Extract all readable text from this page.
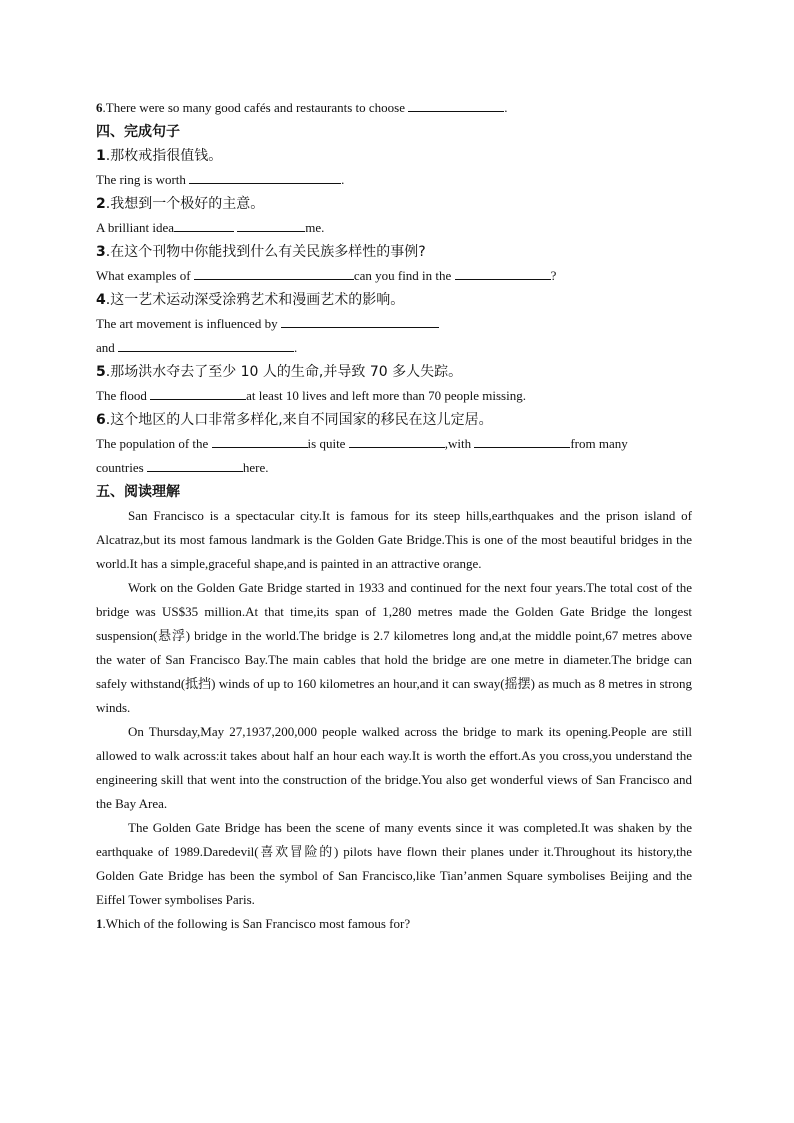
6.There were so many good cafés and restaurants to choose	.
四、完成句子
1.那枚戒指很值钱。
The ring is worth	.
2.我想到一个极好的主意。
A brilliant idea	me.
3.在这个刊物中你能找到什么有关民族多样性的事例?
What examples of	can you find in the	?
4.这一艺术运动深受涂鸦艺术和漫画艺术的影响。
The art movement is influenced by
and	.
5.那场洪水夺去了至少 10 人的生命,并导致 70 多人失踪。
The flood	at least 10 lives and left more than 70 people missing.
6.这个地区的人口非常多样化,来自不同国家的移民在这儿定居。
The population of the	is quite	,with	from many
countries	here.
五、阅读理解

San Francisco is a spectacular city.It is famous for its steep hills,earthquakes and the prison island of Alcatraz,but its most famous landmark is the Golden Gate Bridge.This is one of the most beautiful bridges in the world.It has a simple,graceful shape,and is painted in an attractive orange.

Work on the Golden Gate Bridge started in 1933 and continued for the next four years.The total cost of the bridge was US$35 million.At that time,its span of 1,280 metres made the Golden Gate Bridge the longest suspension(悬浮) bridge in the world.The bridge is 2.7 kilometres long and,at the middle point,67 metres above the water of San Francisco Bay.The main cables that hold the bridge are one metre in diameter.The bridge can safely withstand(抵挡) winds of up to 160 kilometres an hour,and it can sway(摇摆) as much as 8 metres in strong winds.

On Thursday,May 27,1937,200,000 people walked across the bridge to mark its opening.People are still allowed to walk across:it takes about half an hour each way.It is worth the effort.As you cross,you understand the engineering skill that went into the construction of the bridge.You also get wonderful views of San Francisco and the Bay Area.

The Golden Gate Bridge has been the scene of many events since it was completed.It was shaken by the earthquake of 1989.Daredevil(喜欢冒险的) pilots have flown their planes under it.Throughout its history,the Golden Gate Bridge has been the symbol of San Francisco,like Tian’anmen Square symbolises Beijing and the Eiffel Tower symbolises Paris.

1.Which of the following is San Francisco most famous for?
